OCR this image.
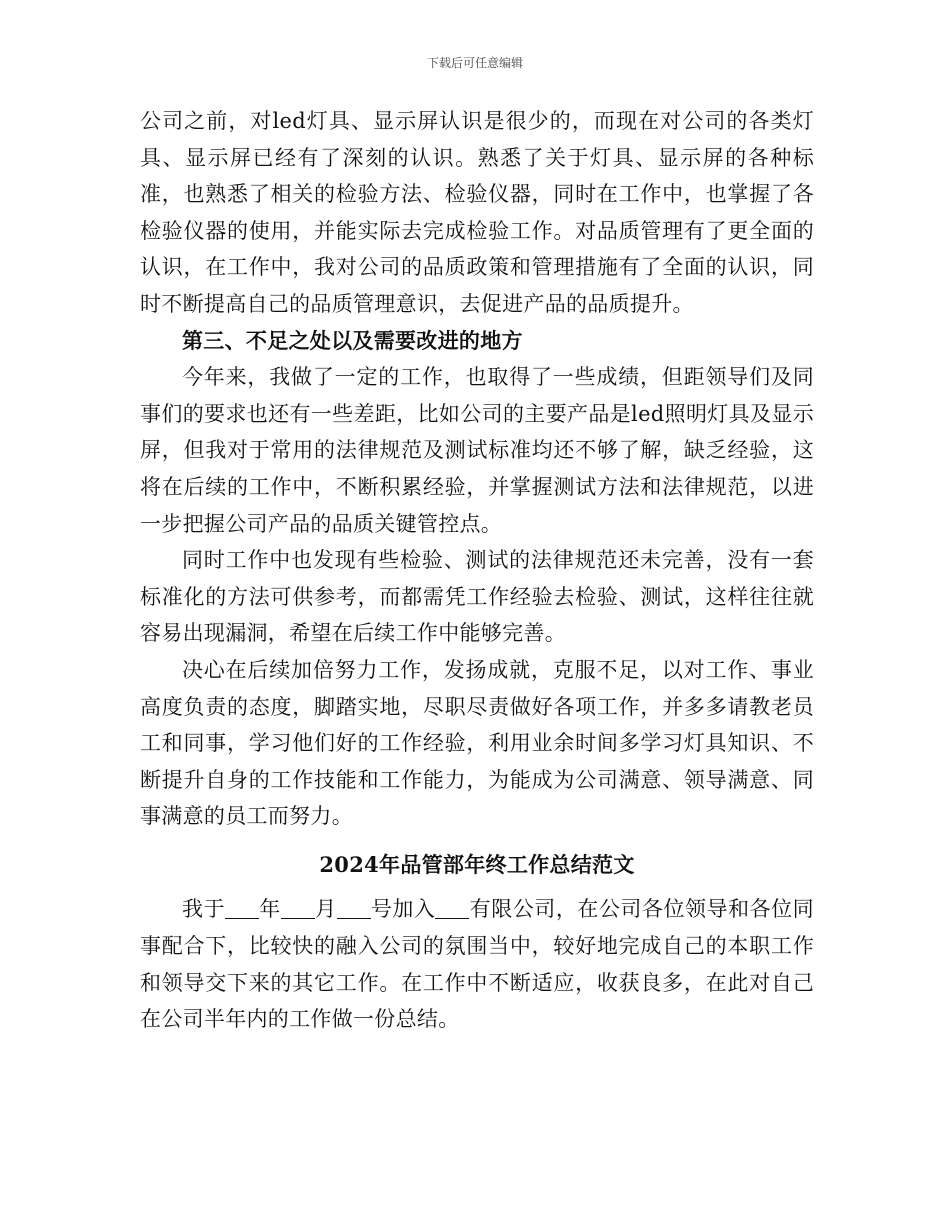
下载后可任意编辑

公司之前，对led灯具、显示屏认识是很少的，而现在对公司的各类灯具、显示屏已经有了深刻的认识。熟悉了关于灯具、显示屏的各种标准，也熟悉了相关的检验方法、检验仪器，同时在工作中，也掌握了各检验仪器的使用，并能实际去完成检验工作。对品质管理有了更全面的认识，在工作中，我对公司的品质政策和管理措施有了全面的认识，同时不断提高自己的品质管理意识，去促进产品的品质提升。

第三、不足之处以及需要改进的地方

今年来，我做了一定的工作，也取得了一些成绩，但距领导们及同事们的要求也还有一些差距，比如公司的主要产品是led照明灯具及显示屏，但我对于常用的法律规范及测试标准均还不够了解，缺乏经验，这将在后续的工作中，不断积累经验，并掌握测试方法和法律规范，以进一步把握公司产品的品质关键管控点。

同时工作中也发现有些检验、测试的法律规范还未完善，没有一套标准化的方法可供参考，而都需凭工作经验去检验、测试，这样往往就容易出现漏洞，希望在后续工作中能够完善。

决心在后续加倍努力工作，发扬成就，克服不足，以对工作、事业高度负责的态度，脚踏实地，尽职尽责做好各项工作，并多多请教老员工和同事，学习他们好的工作经验，利用业余时间多学习灯具知识、不断提升自身的工作技能和工作能力，为能成为公司满意、领导满意、同事满意的员工而努力。

2024年品管部年终工作总结范文

我于 年 月 号加入 有限公司，在公司各位领导和各位同事配合下，比较快的融入公司的氛围当中，较好地完成自己的本职工作和领导交下来的其它工作。在工作中不断适应，收获良多，在此对自己在公司半年内的工作做一份总结。
